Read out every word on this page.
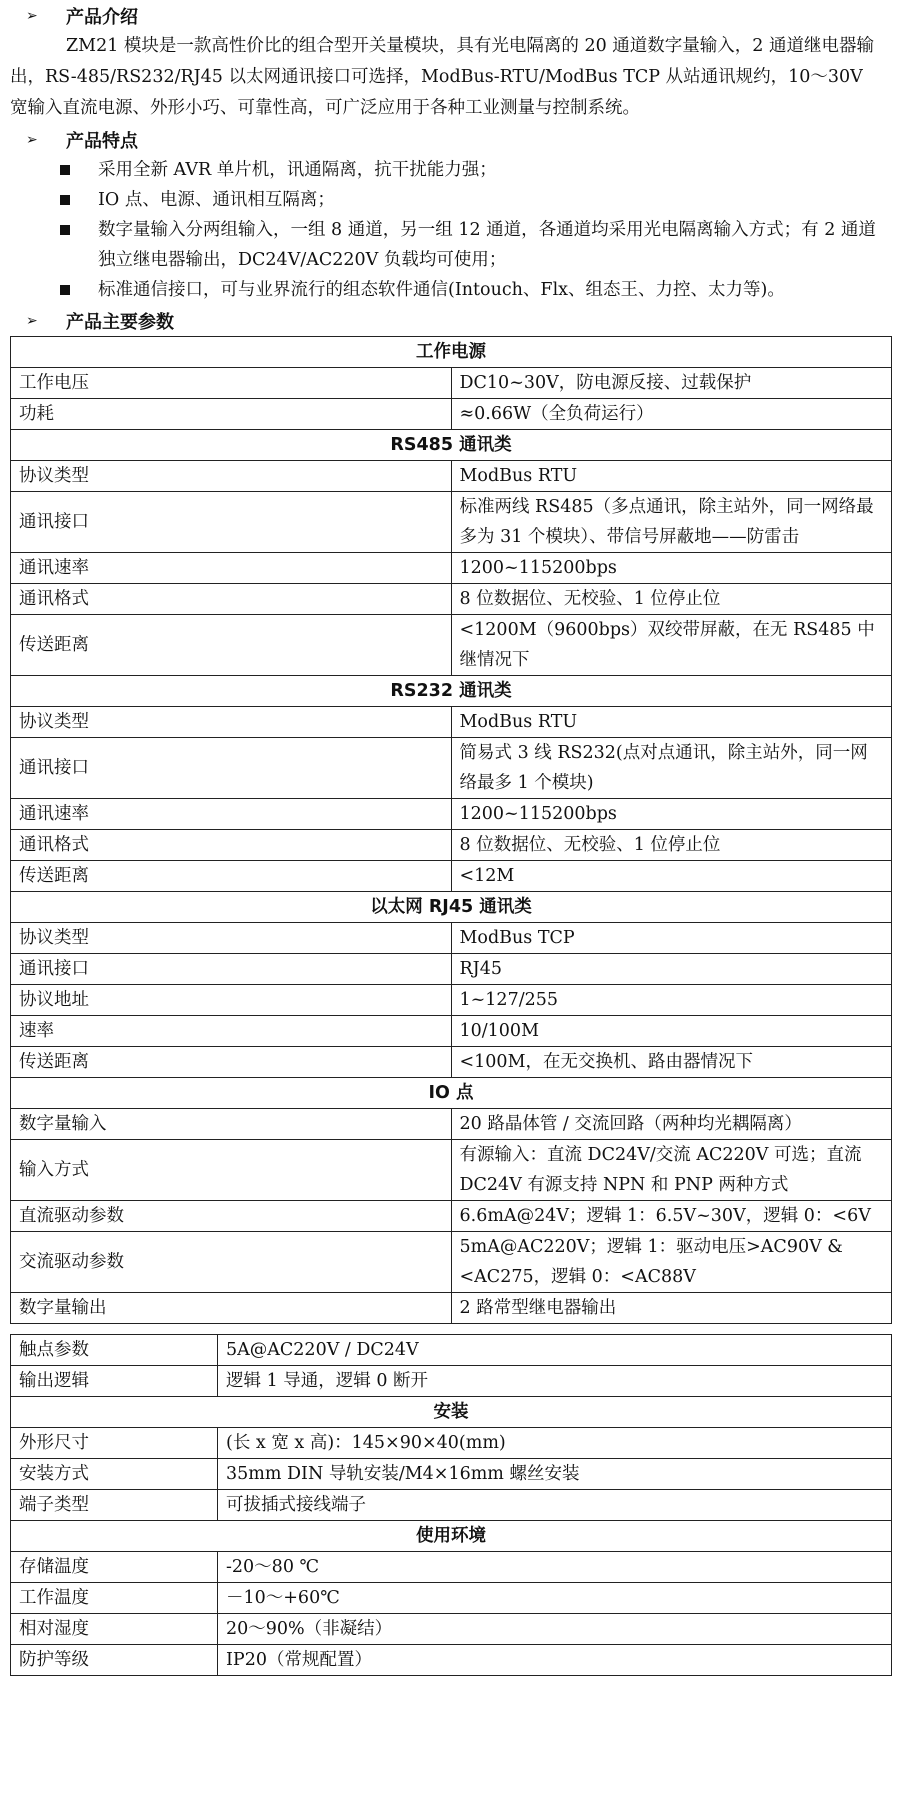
➢	产品介绍
ZM21 模块是一款高性价比的组合型开关量模块，具有光电隔离的 20 通道数字量输入，2 通道继电器输出，RS-485/RS232/RJ45 以太网通讯接口可选择，ModBus-RTU/ModBus TCP 从站通讯规约，10～30V 宽输入直流电源、外形小巧、可靠性高，可广泛应用于各种工业测量与控制系统。
➢	产品特点
采用全新 AVR 单片机，讯通隔离，抗干扰能力强；
IO 点、电源、通讯相互隔离；
数字量输入分两组输入，一组 8 通道，另一组 12 通道，各通道均采用光电隔离输入方式；有 2 通道独立继电器输出，DC24V/AC220V 负载均可使用；
标准通信接口，可与业界流行的组态软件通信(Intouch、Flx、组态王、力控、太力等)。
➢	产品主要参数
工作电源	
工作电压	DC10~30V，防电源反接、过载保护
功耗	≈0.66W（全负荷运行）
RS485 通讯类	
协议类型	ModBus RTU
通讯接口	标准两线 RS485（多点通讯，除主站外，同一网络最多为 31 个模块）、带信号屏蔽地——防雷击
通讯速率	1200~115200bps
通讯格式	8 位数据位、无校验、1 位停止位
传送距离	<1200M（9600bps）双绞带屏蔽，在无 RS485 中继情况下
RS232 通讯类	
协议类型	ModBus RTU
通讯接口	简易式 3 线 RS232(点对点通讯，除主站外，同一网络最多 1 个模块)
通讯速率	1200~115200bps
通讯格式	8 位数据位、无校验、1 位停止位
传送距离	<12M
以太网 RJ45 通讯类	
协议类型	ModBus TCP
通讯接口	RJ45
协议地址	1~127/255
速率	10/100M
传送距离	<100M，在无交换机、路由器情况下
IO 点	
数字量输入	20 路晶体管 / 交流回路（两种均光耦隔离）
输入方式	有源输入：直流 DC24V/交流 AC220V 可选；直流 DC24V 有源支持 NPN 和 PNP 两种方式
直流驱动参数	6.6mA@24V；逻辑 1：6.5V~30V，逻辑 0：<6V
交流驱动参数	5mA@AC220V；逻辑 1：驱动电压>AC90V & <AC275，逻辑 0：<AC88V
数字量输出	2 路常型继电器输出
触点参数	5A@AC220V / DC24V
输出逻辑	逻辑 1 导通，逻辑 0 断开
安装	
外形尺寸	(长 x 宽 x 高)：145×90×40(mm)
安装方式	35mm DIN 导轨安装/M4×16mm 螺丝安装
端子类型	可拔插式接线端子
使用环境	
存储温度	-20～80 ℃
工作温度	－10～+60℃
相对湿度	20～90%（非凝结）
防护等级	IP20（常规配置）
